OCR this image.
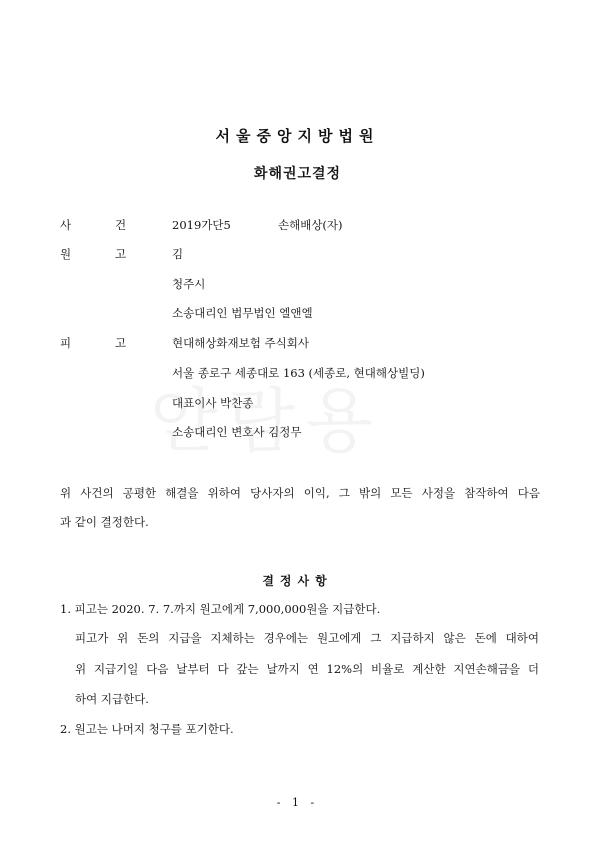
서울중앙지방법원
화해권고결정
사	건	2019가단5	손해배상(자)
원	고	김
청주시
소송대리인 법무법인 엘앤엘
피	고	현대해상화재보험 주식회사
서울 종로구 세종대로 163 (세종로, 현대해상빌딩)
대표이사 박찬종
소송대리인 변호사 김정무
위 사건의 공평한 해결을 위하여 당사자의 이익, 그 밖의 모든 사정을 참작하여 다음
과 같이 결정한다.
결정사항
1. 피고는 2020. 7. 7.까지 원고에게 7,000,000원을 지급한다.
피고가 위 돈의 지급을 지체하는 경우에는 원고에게 그 지급하지 않은 돈에 대하여
위 지급기일 다음 날부터 다 갚는 날까지 연 12%의 비율로 계산한 지연손해금을 더
하여 지급한다.
2. 원고는 나머지 청구를 포기한다.
- 1 -
